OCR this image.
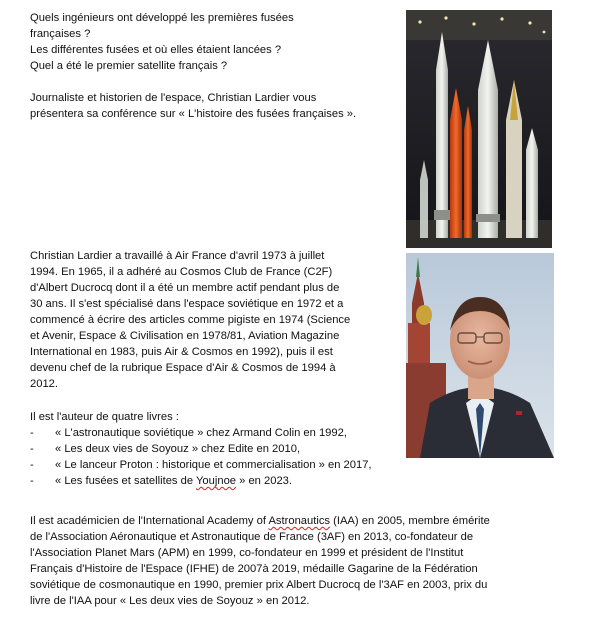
Quels ingénieurs ont développé les premières fusées

françaises ?

Les différentes fusées et où elles étaient lancées ?

Quel a été le premier satellite français ?

Journaliste et historien de l'espace, Christian Lardier vous

présentera sa conférence sur « L'histoire des fusées françaises ».

Christian Lardier a travaillé à Air France d'avril 1973 à juillet

1994. En 1965, il a adhéré au Cosmos Club de France (C2F)

d'Albert Ducrocq dont il a été un membre actif pendant plus de

30 ans. Il s'est spécialisé dans l'espace soviétique en 1972 et a

commencé à écrire des articles comme pigiste en 1974 (Science

et Avenir, Espace & Civilisation en 1978/81, Aviation Magazine

International en 1983, puis Air & Cosmos en 1992), puis il est

devenu chef de la rubrique Espace d'Air & Cosmos de 1994 à

2012.

Il est l'auteur de quatre livres :

- « L'astronautique soviétique » chez Armand Colin en 1992,
- « Les deux vies de Soyouz » chez Edite en 2010,
- « Le lanceur Proton : historique et commercialisation » en 2017,
- « Les fusées et satellites de Youjnoe » en 2023.

Il est académicien de l'International Academy of Astronautics (IAA) en 2005, membre émérite

de l'Association Aéronautique et Astronautique de France (3AF) en 2013, co-fondateur de

l'Association Planet Mars (APM) en 1999, co-fondateur en 1999 et président de l'Institut

Français d'Histoire de l'Espace (IFHE) de 2007à 2019, médaille Gagarine de la Fédération

soviétique de cosmonautique en 1990, premier prix Albert Ducrocq de l'3AF en 2003, prix du

livre de l'IAA pour « Les deux vies de Soyouz » en 2012.
